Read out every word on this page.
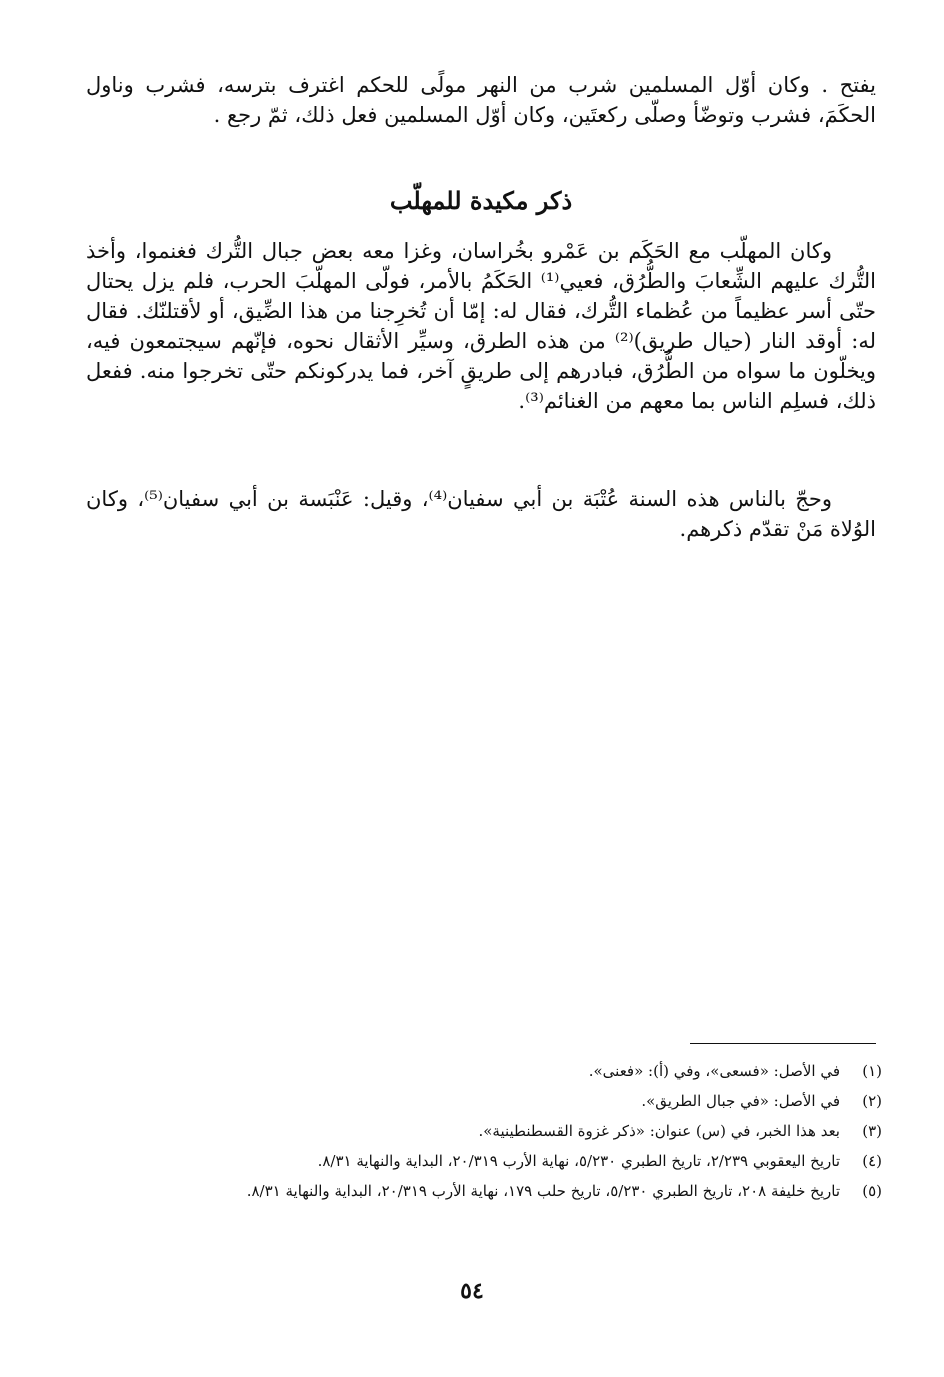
يفتح . وكان أوّل المسلمين شرب من النهر مولًى للحكم اغترف بترسه، فشرب وناول الحكَمَ، فشرب وتوضّأ وصلّى ركعتَين، وكان أوّل المسلمين فعل ذلك، ثمّ رجع .

ذكر مكيدة للمهلّب

وكان المهلّب مع الحَكَم بن عَمْرو بخُراسان، وغزا معه بعض جبال التُّرك فغنموا، وأخذ التُّرك عليهم الشِّعابَ والطُّرُق، فعيي⁽¹⁾ الحَكَمُ بالأمر، فولّى المهلّبَ الحرب، فلم يزل يحتال حتّى أسر عظيماً من عُظماء التُّرك، فقال له: إمّا أن تُخرِجنا من هذا الضِّيق، أو لأقتلنّك. فقال له: أوقد النار (حيال طريق)⁽²⁾ من هذه الطرق، وسيِّر الأثقال نحوه، فإنّهم سيجتمعون فيه، ويخلّون ما سواه من الطُّرُق، فبادرهم إلى طريقٍ آخر، فما يدركونكم حتّى تخرجوا منه. ففعل ذلك، فسلِم الناس بما معهم من الغنائم⁽³⁾.

وحجّ بالناس هذه السنة عُتْبَة بن أبي سفيان⁽⁴⁾، وقيل: عَنْبَسة بن أبي سفيان⁽⁵⁾، وكان الوُلاة مَنْ تقدّم ذكرهم.

(١)
في الأصل: «فسعى»، وفي (أ): «فعنى».
(٢)
في الأصل: «في جبال الطريق».
(٣)
بعد هذا الخبر، في (س) عنوان: «ذكر غزوة القسطنطينية».
(٤)
تاريخ اليعقوبي ٢/٢٣٩، تاريخ الطبري ٥/٢٣٠، نهاية الأرب ٢٠/٣١٩، البداية والنهاية ٨/٣١.
(٥)
تاريخ خليفة ٢٠٨، تاريخ الطبري ٥/٢٣٠، تاريخ حلب ١٧٩، نهاية الأرب ٢٠/٣١٩، البداية والنهاية ٨/٣١.
٥٤
